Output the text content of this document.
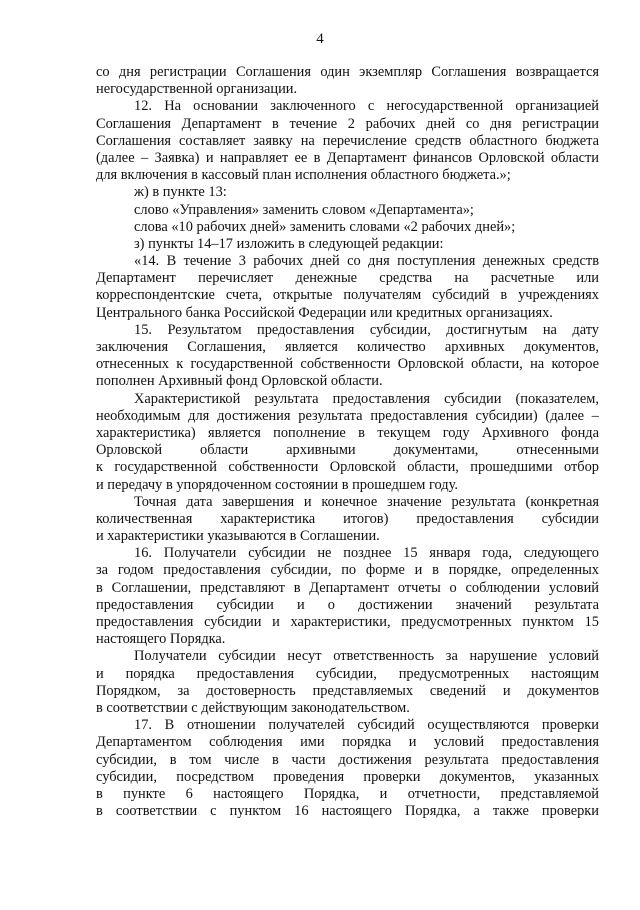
4
со дня регистрации Соглашения один экземпляр Соглашения возвращается
негосударственной организации.
12. На основании заключенного с негосударственной организацией
Соглашения Департамент в течение 2 рабочих дней со дня регистрации
Соглашения составляет заявку на перечисление средств областного бюджета
(далее – Заявка) и направляет ее в Департамент финансов Орловской области
для включения в кассовый план исполнения областного бюджета.»;
ж) в пункте 13:
слово «Управления» заменить словом «Департамента»;
слова «10 рабочих дней» заменить словами «2 рабочих дней»;
з) пункты 14–17 изложить в следующей редакции:
«14. В течение 3 рабочих дней со дня поступления денежных средств
Департамент перечисляет денежные средства на расчетные или
корреспондентские счета, открытые получателям субсидий в учреждениях
Центрального банка Российской Федерации или кредитных организациях.
15. Результатом предоставления субсидии, достигнутым на дату
заключения Соглашения, является количество архивных документов,
отнесенных к государственной собственности Орловской области, на которое
пополнен Архивный фонд Орловской области.
Характеристикой результата предоставления субсидии (показателем,
необходимым для достижения результата предоставления субсидии) (далее –
характеристика) является пополнение в текущем году Архивного фонда
Орловской области архивными документами, отнесенными
к государственной собственности Орловской области, прошедшими отбор
и передачу в упорядоченном состоянии в прошедшем году.
Точная дата завершения и конечное значение результата (конкретная
количественная характеристика итогов) предоставления субсидии
и характеристики указываются в Соглашении.
16. Получатели субсидии не позднее 15 января года, следующего
за годом предоставления субсидии, по форме и в порядке, определенных
в Соглашении, представляют в Департамент отчеты о соблюдении условий
предоставления субсидии и о достижении значений результата
предоставления субсидии и характеристики, предусмотренных пунктом 15
настоящего Порядка.
Получатели субсидии несут ответственность за нарушение условий
и порядка предоставления субсидии, предусмотренных настоящим
Порядком, за достоверность представляемых сведений и документов
в соответствии с действующим законодательством.
17. В отношении получателей субсидий осуществляются проверки
Департаментом соблюдения ими порядка и условий предоставления
субсидии, в том числе в части достижения результата предоставления
субсидии, посредством проведения проверки документов, указанных
в пункте 6 настоящего Порядка, и отчетности, представляемой
в соответствии с пунктом 16 настоящего Порядка, а также проверки
